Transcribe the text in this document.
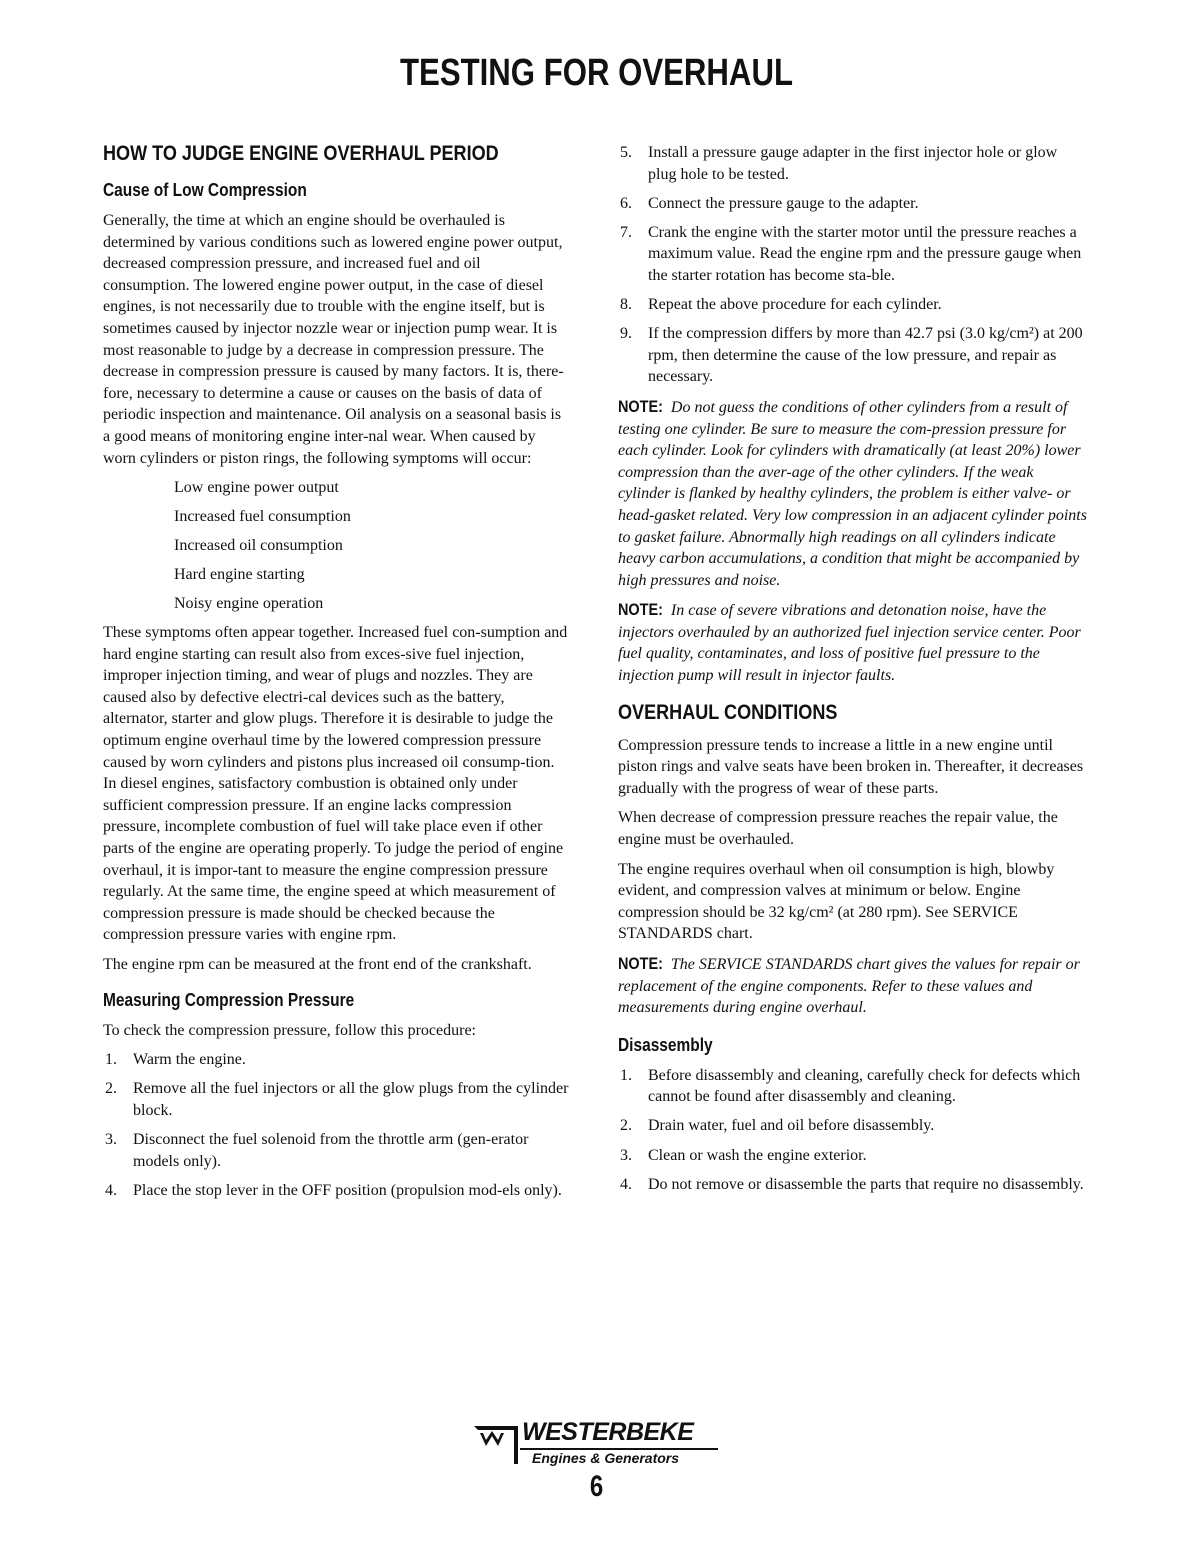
TESTING FOR OVERHAUL
HOW TO JUDGE ENGINE OVERHAUL PERIOD
Cause of Low Compression

Generally, the time at which an engine should be overhauled is determined by various conditions such as lowered engine power output, decreased compression pressure, and increased fuel and oil consumption. The lowered engine power output, in the case of diesel engines, is not necessarily due to trouble with the engine itself, but is sometimes caused by injector nozzle wear or injection pump wear. It is most reasonable to judge by a decrease in compression pressure. The decrease in compression pressure is caused by many factors. It is, there-fore, necessary to determine a cause or causes on the basis of data of periodic inspection and maintenance. Oil analysis on a seasonal basis is a good means of monitoring engine inter-nal wear. When caused by worn cylinders or piston rings, the following symptoms will occur:

Low engine power output
Increased fuel consumption
Increased oil consumption
Hard engine starting
Noisy engine operation

These symptoms often appear together. Increased fuel con-sumption and hard engine starting can result also from exces-sive fuel injection, improper injection timing, and wear of plugs and nozzles. They are caused also by defective electri-cal devices such as the battery, alternator, starter and glow plugs. Therefore it is desirable to judge the optimum engine overhaul time by the lowered compression pressure caused by worn cylinders and pistons plus increased oil consump-tion. In diesel engines, satisfactory combustion is obtained only under sufficient compression pressure. If an engine lacks compression pressure, incomplete combustion of fuel will take place even if other parts of the engine are operating properly. To judge the period of engine overhaul, it is impor-tant to measure the engine compression pressure regularly. At the same time, the engine speed at which measurement of compression pressure is made should be checked because the compression pressure varies with engine rpm.

The engine rpm can be measured at the front end of the crankshaft.

Measuring Compression Pressure

To check the compression pressure, follow this procedure:

1. Warm the engine.
2. Remove all the fuel injectors or all the glow plugs from the cylinder block.
3. Disconnect the fuel solenoid from the throttle arm (gen-erator models only).
4. Place the stop lever in the OFF position (propulsion mod-els only).
5. Install a pressure gauge adapter in the first injector hole or glow plug hole to be tested.
6. Connect the pressure gauge to the adapter.
7. Crank the engine with the starter motor until the pressure reaches a maximum value. Read the engine rpm and the pressure gauge when the starter rotation has become sta-ble.
8. Repeat the above procedure for each cylinder.
9. If the compression differs by more than 42.7 psi (3.0 kg/cm²) at 200 rpm, then determine the cause of the low pressure, and repair as necessary.
NOTE: Do not guess the conditions of other cylinders from a result of testing one cylinder. Be sure to measure the com-pression pressure for each cylinder. Look for cylinders with dramatically (at least 20%) lower compression than the aver-age of the other cylinders. If the weak cylinder is flanked by healthy cylinders, the problem is either valve- or head-gasket related. Very low compression in an adjacent cylinder points to gasket failure. Abnormally high readings on all cylinders indicate heavy carbon accumulations, a condition that might be accompanied by high pressures and noise.
NOTE: In case of severe vibrations and detonation noise, have the injectors overhauled by an authorized fuel injection service center. Poor fuel quality, contaminates, and loss of positive fuel pressure to the injection pump will result in injector faults.
OVERHAUL CONDITIONS

Compression pressure tends to increase a little in a new engine until piston rings and valve seats have been broken in. Thereafter, it decreases gradually with the progress of wear of these parts.

When decrease of compression pressure reaches the repair value, the engine must be overhauled.

The engine requires overhaul when oil consumption is high, blowby evident, and compression valves at minimum or below. Engine compression should be 32 kg/cm² (at 280 rpm). See SERVICE STANDARDS chart.

NOTE: The SERVICE STANDARDS chart gives the values for repair or replacement of the engine components. Refer to these values and measurements during engine overhaul.
Disassembly
1. Before disassembly and cleaning, carefully check for defects which cannot be found after disassembly and cleaning.
2. Drain water, fuel and oil before disassembly.
3. Clean or wash the engine exterior.
4. Do not remove or disassemble the parts that require no disassembly.
WESTERBEKE
Engines & Generators
6
